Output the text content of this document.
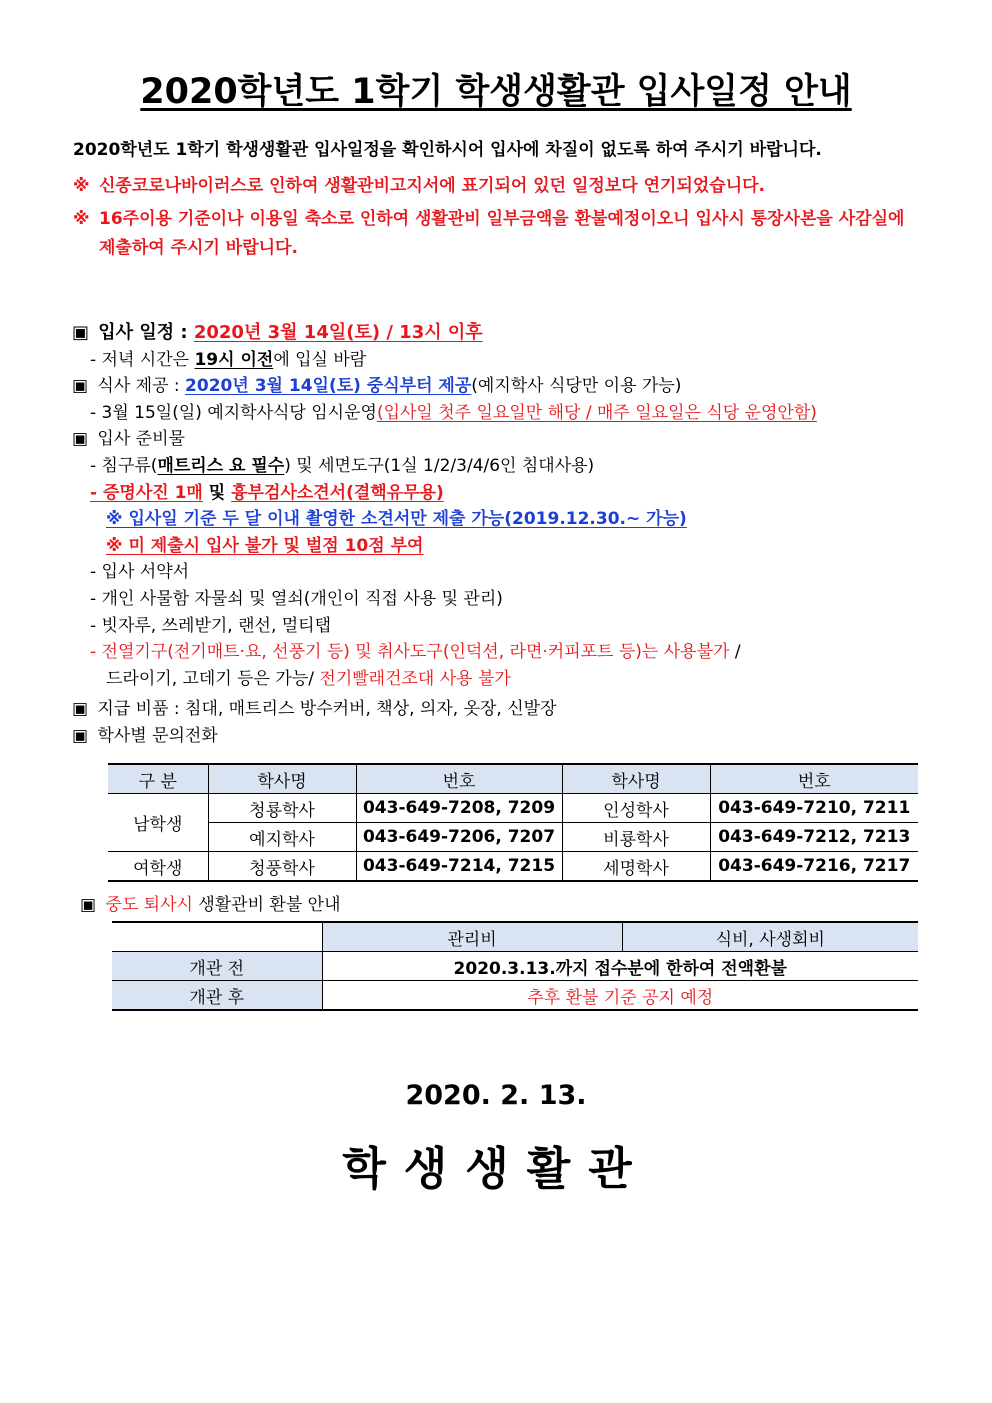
2020학년도 1학기 학생생활관 입사일정 안내
2020학년도 1학기 학생생활관 입사일정을 확인하시어 입사에 차질이 없도록 하여 주시기 바랍니다.
※ 신종코로나바이러스로 인하여 생활관비고지서에 표기되어 있던 일정보다 연기되었습니다.
※ 16주이용 기준이나 이용일 축소로 인하여 생활관비 일부금액을 환불예정이오니 입사시 통장사본을 사감실에 제출하여 주시기 바랍니다.
▣ 입사 일정 : 2020년 3월 14일(토) / 13시 이후
- 저녁 시간은 19시 이전에 입실 바람
▣ 식사 제공 : 2020년 3월 14일(토) 중식부터 제공(예지학사 식당만 이용 가능)
- 3월 15일(일) 예지학사식당 임시운영(입사일 첫주 일요일만 해당 / 매주 일요일은 식당 운영안함)
▣ 입사 준비물
- 침구류(매트리스 요 필수) 및 세면도구(1실 1/2/3/4/6인 침대사용)
- 증명사진 1매 및 흉부검사소견서(결핵유무용)
※ 입사일 기준 두 달 이내 촬영한 소견서만 제출 가능(2019.12.30.~ 가능)
※ 미 제출시 입사 불가 및 벌점 10점 부여
- 입사 서약서
- 개인 사물함 자물쇠 및 열쇠(개인이 직접 사용 및 관리)
- 빗자루, 쓰레받기, 랜선, 멀티탭
- 전열기구(전기매트·요, 선풍기 등) 및 취사도구(인덕션, 라면·커피포트 등)는 사용불가 /
드라이기, 고데기 등은 가능/ 전기빨래건조대 사용 불가
▣ 지급 비품 : 침대, 매트리스 방수커버, 책상, 의자, 옷장, 신발장
▣ 학사별 문의전화
구 분	학사명	번호	학사명	번호
남학생	청룡학사	043-649-7208, 7209	인성학사	043-649-7210, 7211
	예지학사	043-649-7206, 7207	비룡학사	043-649-7212, 7213
여학생	청풍학사	043-649-7214, 7215	세명학사	043-649-7216, 7217
▣ 중도 퇴사시 생활관비 환불 안내
	관리비	식비, 사생회비
개관 전	2020.3.13.까지 접수분에 한하여 전액환불	
개관 후	추후 환불 기준 공지 예정	
2020. 2. 13.
학생생활관
